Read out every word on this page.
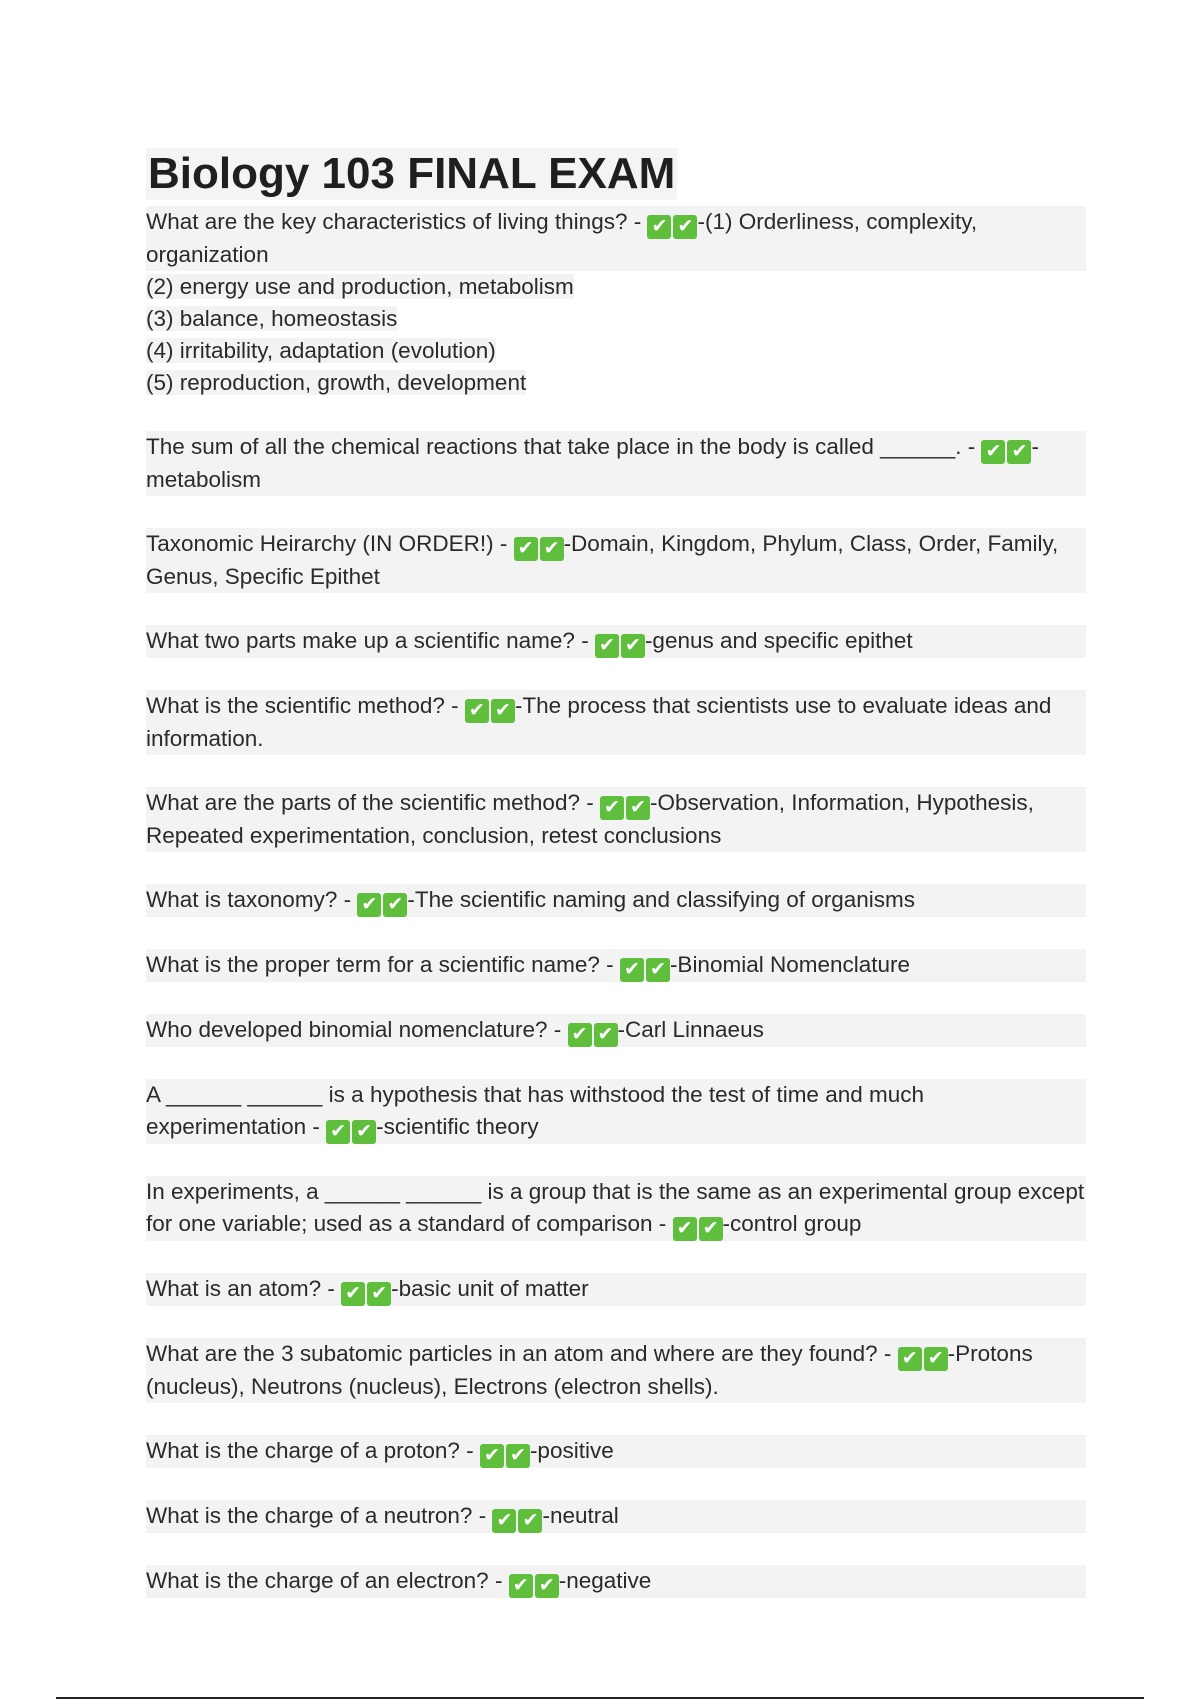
Biology 103 FINAL EXAM
What are the key characteristics of living things? - ✔ ✔ -(1) Orderliness, complexity, organization
(2) energy use and production, metabolism
(3) balance, homeostasis
(4) irritability, adaptation (evolution)
(5) reproduction, growth, development
The sum of all the chemical reactions that take place in the body is called ______. - ✔ ✔ -metabolism
Taxonomic Heirarchy (IN ORDER!) - ✔ ✔ -Domain, Kingdom, Phylum, Class, Order, Family, Genus, Specific Epithet
What two parts make up a scientific name? - ✔ ✔ -genus and specific epithet
What is the scientific method? - ✔ ✔ -The process that scientists use to evaluate ideas and information.
What are the parts of the scientific method? - ✔ ✔ -Observation, Information, Hypothesis, Repeated experimentation, conclusion, retest conclusions
What is taxonomy? - ✔ ✔ -The scientific naming and classifying of organisms
What is the proper term for a scientific name? - ✔ ✔ -Binomial Nomenclature
Who developed binomial nomenclature? - ✔ ✔ -Carl Linnaeus
A ______ ______ is a hypothesis that has withstood the test of time and much experimentation - ✔ ✔ -scientific theory
In experiments, a ______ ______ is a group that is the same as an experimental group except for one variable; used as a standard of comparison - ✔ ✔ -control group
What is an atom? - ✔ ✔ -basic unit of matter
What are the 3 subatomic particles in an atom and where are they found? - ✔ ✔ -Protons (nucleus), Neutrons (nucleus), Electrons (electron shells).
What is the charge of a proton? - ✔ ✔ -positive
What is the charge of a neutron? - ✔ ✔ -neutral
What is the charge of an electron? - ✔ ✔ -negative
